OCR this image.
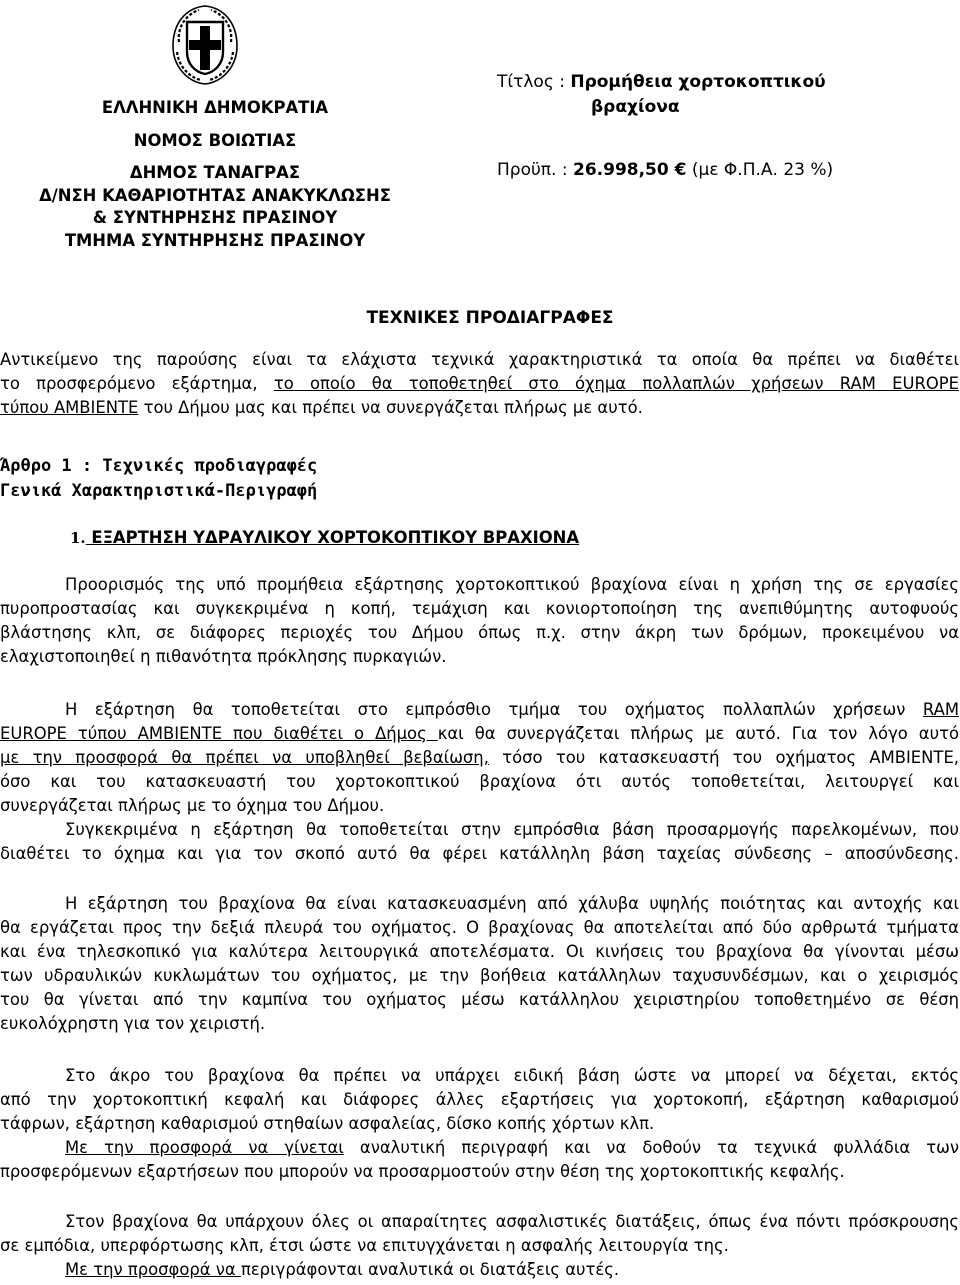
ΕΛΛΗΝΙΚΗ ΔΗΜΟΚΡΑΤΙΑ
ΝΟΜΟΣ ΒΟΙΩΤΙΑΣ
ΔΗΜΟΣ ΤΑΝΑΓΡΑΣ
Δ/ΝΣΗ ΚΑΘΑΡΙΟΤΗΤΑΣ ΑΝΑΚΥΚΛΩΣΗΣ
& ΣΥΝΤΗΡΗΣΗΣ ΠΡΑΣΙΝΟΥ
ΤΜΗΜΑ ΣΥΝΤΗΡΗΣΗΣ ΠΡΑΣΙΝΟΥ
Τίτλος : Προμήθεια χορτοκοπτικού
βραχίονα
Προϋπ. : 26.998,50 € (με Φ.Π.Α. 23 %)
ΤΕΧΝΙΚΕΣ ΠΡΟΔΙΑΓΡΑΦΕΣ
Αντικείμενο της παρούσης είναι τα ελάχιστα τεχνικά χαρακτηριστικά τα οποία θα πρέπει να διαθέτει
το προσφερόμενο εξάρτημα, το οποίο θα τοποθετηθεί στο όχημα πολλαπλών χρήσεων RAM EUROPE
τύπου ΑΜΒΙΕΝΤΕ του Δήμου μας και πρέπει να συνεργάζεται πλήρως με αυτό.
Άρθρο 1 : Τεχνικές προδιαγραφές
Γενικά Χαρακτηριστικά-Περιγραφή
1. ΕΞΑΡΤΗΣΗ ΥΔΡΑΥΛΙΚΟΥ ΧΟΡΤΟΚΟΠΤΙΚΟΥ ΒΡΑΧΙΟΝΑ
Προορισμός της υπό προμήθεια εξάρτησης χορτοκοπτικού βραχίονα είναι η χρήση της σε εργασίες
πυροπροστασίας και συγκεκριμένα η κοπή, τεμάχιση και κονιορτοποίηση της ανεπιθύμητης αυτοφυούς
βλάστησης κλπ, σε διάφορες περιοχές του Δήμου όπως π.χ. στην άκρη των δρόμων, προκειμένου να
ελαχιστοποιηθεί η πιθανότητα πρόκλησης πυρκαγιών.
Η εξάρτηση θα τοποθετείται στο εμπρόσθιο τμήμα του οχήματος πολλαπλών χρήσεων RAM
EUROPE τύπου ΑΜΒΙΕΝΤΕ που διαθέτει ο Δήμος και θα συνεργάζεται πλήρως με αυτό. Για τον λόγο αυτό
με την προσφορά θα πρέπει να υποβληθεί βεβαίωση, τόσο του κατασκευαστή του οχήματος ΑΜΒΙΕΝΤΕ,
όσο και του κατασκευαστή του χορτοκοπτικού βραχίονα ότι αυτός τοποθετείται, λειτουργεί και
συνεργάζεται πλήρως με το όχημα του Δήμου.
Συγκεκριμένα η εξάρτηση θα τοποθετείται στην εμπρόσθια βάση προσαρμογής παρελκομένων, που
διαθέτει το όχημα και για τον σκοπό αυτό θα φέρει κατάλληλη βάση ταχείας σύνδεσης – αποσύνδεσης.
Η εξάρτηση του βραχίονα θα είναι κατασκευασμένη από χάλυβα υψηλής ποιότητας και αντοχής και
θα εργάζεται προς την δεξιά πλευρά του οχήματος. Ο βραχίονας θα αποτελείται από δύο αρθρωτά τμήματα
και ένα τηλεσκοπικό για καλύτερα λειτουργικά αποτελέσματα. Οι κινήσεις του βραχίονα θα γίνονται μέσω
των υδραυλικών κυκλωμάτων του οχήματος, με την βοήθεια κατάλληλων ταχυσυνδέσμων, και ο χειρισμός
του θα γίνεται από την καμπίνα του οχήματος μέσω κατάλληλου χειριστηρίου τοποθετημένο σε θέση
ευκολόχρηστη για τον χειριστή.
Στο άκρο του βραχίονα θα πρέπει να υπάρχει ειδική βάση ώστε να μπορεί να δέχεται, εκτός
από την χορτοκοπτική κεφαλή και διάφορες άλλες εξαρτήσεις για χορτοκοπή, εξάρτηση καθαρισμού
τάφρων, εξάρτηση καθαρισμού στηθαίων ασφαλείας, δίσκο κοπής χόρτων κλπ.
Με την προσφορά να γίνεται αναλυτική περιγραφή και να δοθούν τα τεχνικά φυλλάδια των
προσφερόμενων εξαρτήσεων που μπορούν να προσαρμοστούν στην θέση της χορτοκοπτικής κεφαλής.
Στον βραχίονα θα υπάρχουν όλες οι απαραίτητες ασφαλιστικές διατάξεις, όπως ένα πόντι πρόσκρουσης
σε εμπόδια, υπερφόρτωσης κλπ, έτσι ώστε να επιτυγχάνεται η ασφαλής λειτουργία της.
Με την προσφορά να περιγράφονται αναλυτικά οι διατάξεις αυτές.
